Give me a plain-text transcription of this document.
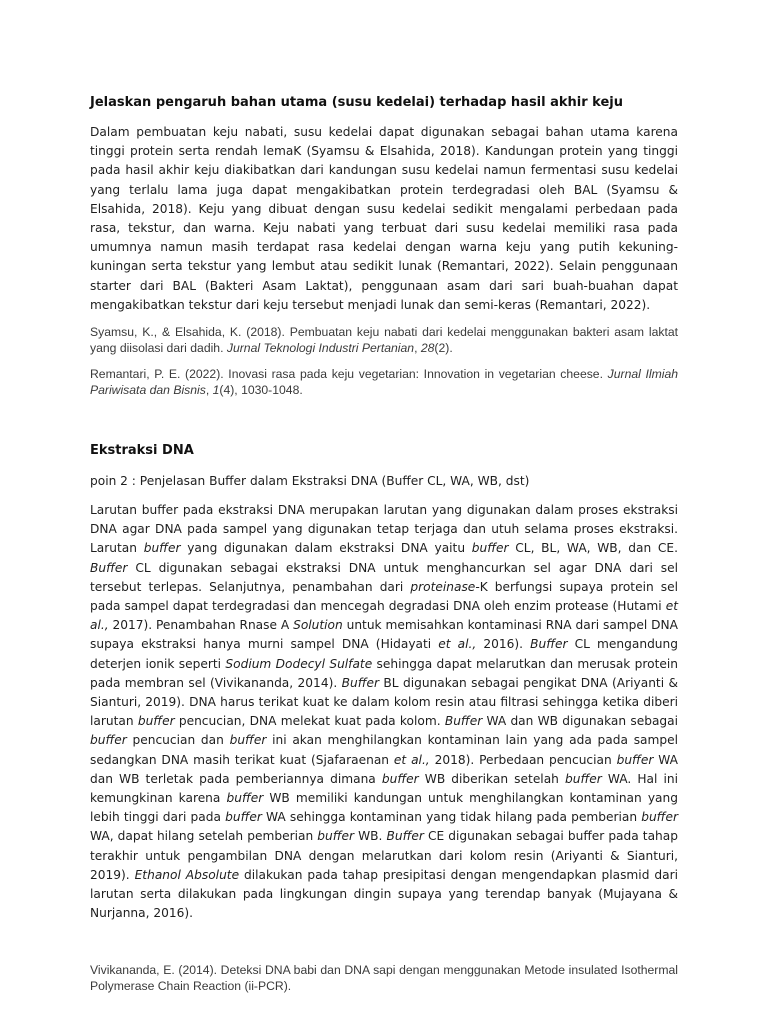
Jelaskan pengaruh bahan utama (susu kedelai) terhadap hasil akhir keju

Dalam pembuatan keju nabati, susu kedelai dapat digunakan sebagai bahan utama karena tinggi protein serta rendah lemaK (Syamsu & Elsahida, 2018). Kandungan protein yang tinggi pada hasil akhir keju diakibatkan dari kandungan susu kedelai namun fermentasi susu kedelai yang terlalu lama juga dapat mengakibatkan protein terdegradasi oleh BAL (Syamsu & Elsahida, 2018). Keju yang dibuat dengan susu kedelai sedikit mengalami perbedaan pada rasa, tekstur, dan warna. Keju nabati yang terbuat dari susu kedelai memiliki rasa pada umumnya namun masih terdapat rasa kedelai dengan warna keju yang putih kekuning-kuningan serta tekstur yang lembut atau sedikit lunak (Remantari, 2022). Selain penggunaan starter dari BAL (Bakteri Asam Laktat), penggunaan asam dari sari buah-buahan dapat mengakibatkan tekstur dari keju tersebut menjadi lunak dan semi-keras (Remantari, 2022).

Syamsu, K., & Elsahida, K. (2018). Pembuatan keju nabati dari kedelai menggunakan bakteri asam laktat yang diisolasi dari dadih. Jurnal Teknologi Industri Pertanian, 28(2).

Remantari, P. E. (2022). Inovasi rasa pada keju vegetarian: Innovation in vegetarian cheese. Jurnal Ilmiah Pariwisata dan Bisnis, 1(4), 1030-1048.

Ekstraksi DNA

poin 2 : Penjelasan Buffer dalam Ekstraksi DNA (Buffer CL, WA, WB, dst)

Larutan buffer pada ekstraksi DNA merupakan larutan yang digunakan dalam proses ekstraksi DNA agar DNA pada sampel yang digunakan tetap terjaga dan utuh selama proses ekstraksi. Larutan buffer yang digunakan dalam ekstraksi DNA yaitu buffer CL, BL, WA, WB, dan CE. Buffer CL digunakan sebagai ekstraksi DNA untuk menghancurkan sel agar DNA dari sel tersebut terlepas. Selanjutnya, penambahan dari proteinase-K berfungsi supaya protein sel pada sampel dapat terdegradasi dan mencegah degradasi DNA oleh enzim protease (Hutami et al., 2017). Penambahan Rnase A Solution untuk memisahkan kontaminasi RNA dari sampel DNA supaya ekstraksi hanya murni sampel DNA (Hidayati et al., 2016). Buffer CL mengandung deterjen ionik seperti Sodium Dodecyl Sulfate sehingga dapat melarutkan dan merusak protein pada membran sel (Vivikananda, 2014). Buffer BL digunakan sebagai pengikat DNA (Ariyanti & Sianturi, 2019). DNA harus terikat kuat ke dalam kolom resin atau filtrasi sehingga ketika diberi larutan buffer pencucian, DNA melekat kuat pada kolom. Buffer WA dan WB digunakan sebagai buffer pencucian dan buffer ini akan menghilangkan kontaminan lain yang ada pada sampel sedangkan DNA masih terikat kuat (Sjafaraenan et al., 2018). Perbedaan pencucian buffer WA dan WB terletak pada pemberiannya dimana buffer WB diberikan setelah buffer WA. Hal ini kemungkinan karena buffer WB memiliki kandungan untuk menghilangkan kontaminan yang lebih tinggi dari pada buffer WA sehingga kontaminan yang tidak hilang pada pemberian buffer WA, dapat hilang setelah pemberian buffer WB. Buffer CE digunakan sebagai buffer pada tahap terakhir untuk pengambilan DNA dengan melarutkan dari kolom resin (Ariyanti & Sianturi, 2019). Ethanol Absolute dilakukan pada tahap presipitasi dengan mengendapkan plasmid dari larutan serta dilakukan pada lingkungan dingin supaya yang terendap banyak (Mujayana & Nurjanna, 2016).

Vivikananda, E. (2014). Deteksi DNA babi dan DNA sapi dengan menggunakan Metode insulated Isothermal Polymerase Chain Reaction (ii-PCR).
